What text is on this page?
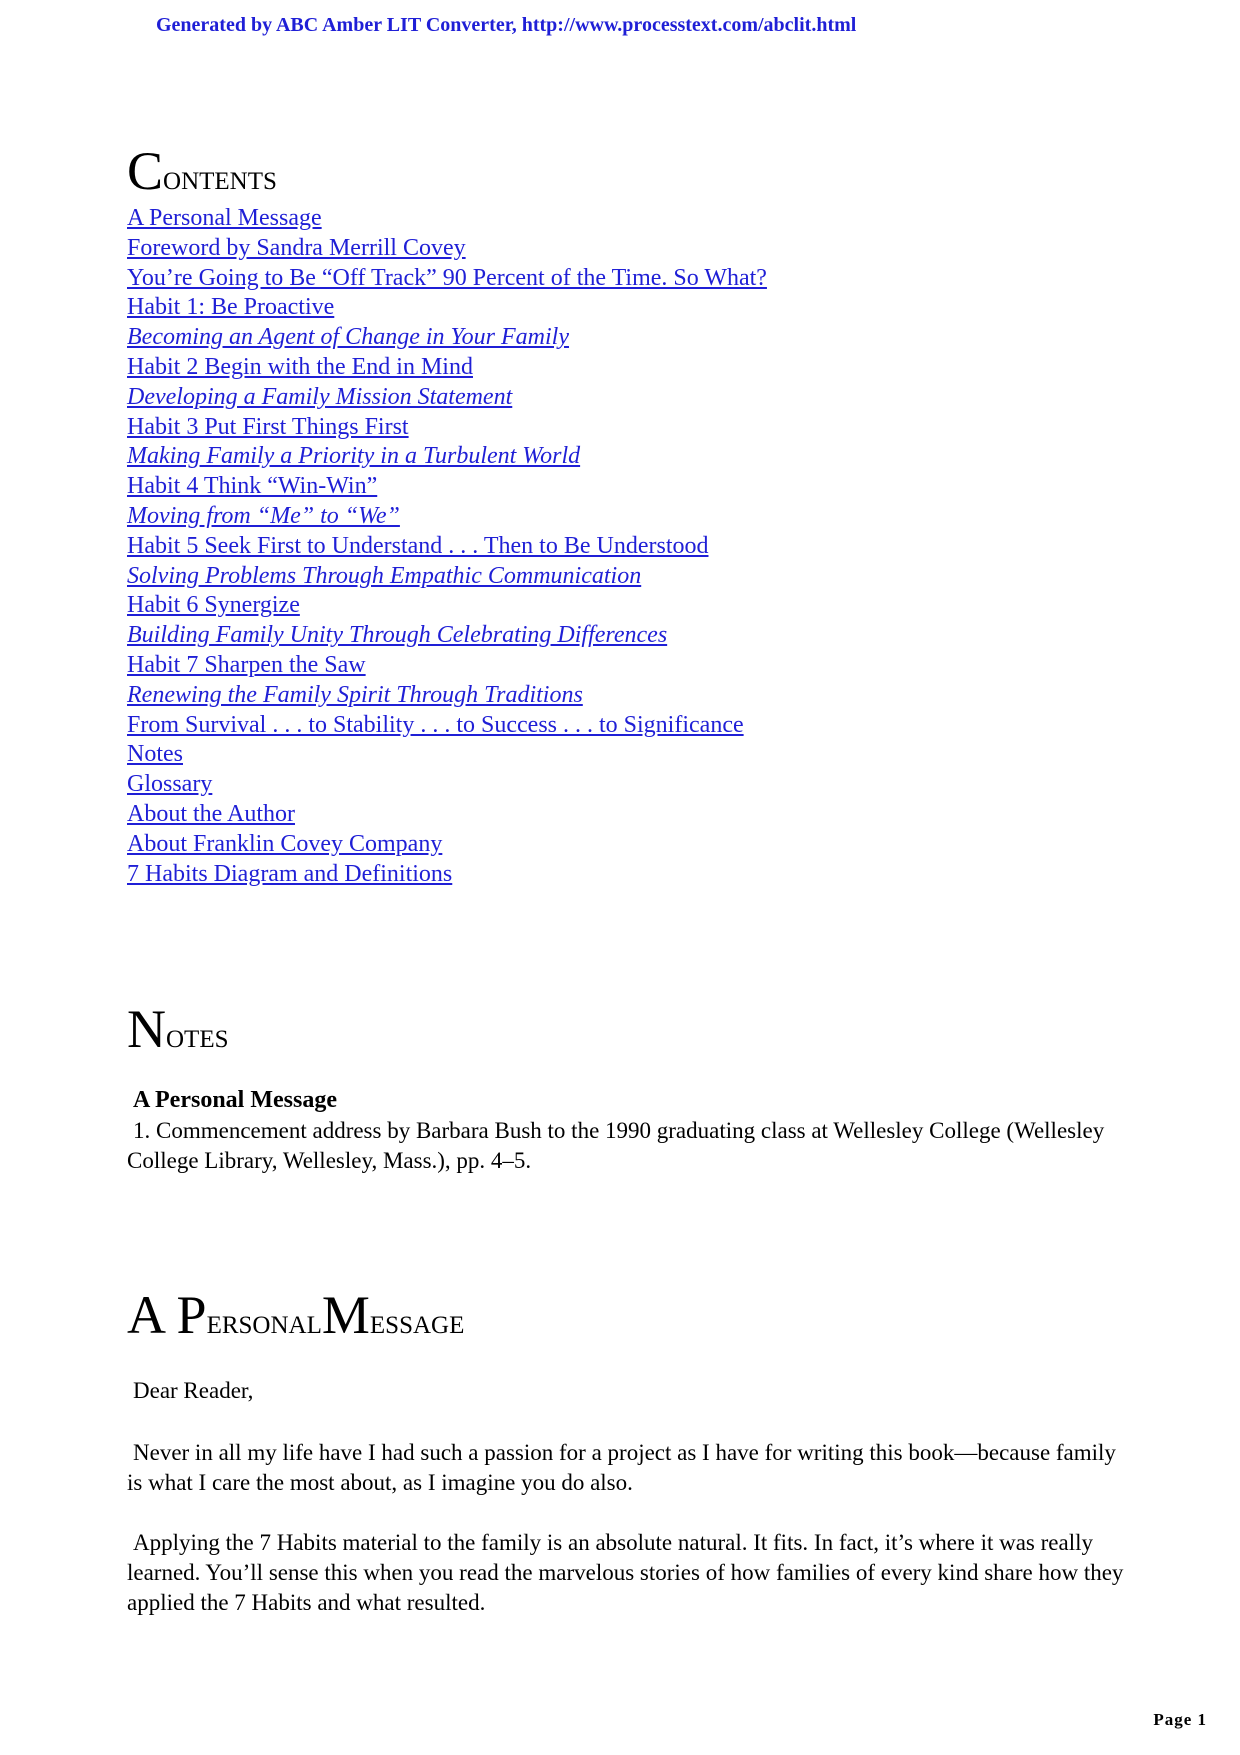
Generated by ABC Amber LIT Converter, http://www.processtext.com/abclit.html
CONTENTS
A Personal Message
Foreword by Sandra Merrill Covey
You’re Going to Be “Off Track” 90 Percent of the Time. So What?
Habit 1: Be Proactive
Becoming an Agent of Change in Your Family
Habit 2 Begin with the End in Mind
Developing a Family Mission Statement
Habit 3 Put First Things First
Making Family a Priority in a Turbulent World
Habit 4 Think “Win-Win”
Moving from “Me” to “We”
Habit 5 Seek First to Understand . . . Then to Be Understood
Solving Problems Through Empathic Communication
Habit 6 Synergize
Building Family Unity Through Celebrating Differences
Habit 7 Sharpen the Saw
Renewing the Family Spirit Through Traditions
From Survival . . . to Stability . . . to Success . . . to Significance
Notes
Glossary
About the Author
About Franklin Covey Company
7 Habits Diagram and Definitions
NOTES
A Personal Message

1. Commencement address by Barbara Bush to the 1990 graduating class at Wellesley College (Wellesley College Library, Wellesley, Mass.), pp. 4–5.

A PERSONALMESSAGE

Dear Reader,

Never in all my life have I had such a passion for a project as I have for writing this book—because family is what I care the most about, as I imagine you do also.

Applying the 7 Habits material to the family is an absolute natural. It fits. In fact, it’s where it was really learned. You’ll sense this when you read the marvelous stories of how families of every kind share how they applied the 7 Habits and what resulted.

Page 1
